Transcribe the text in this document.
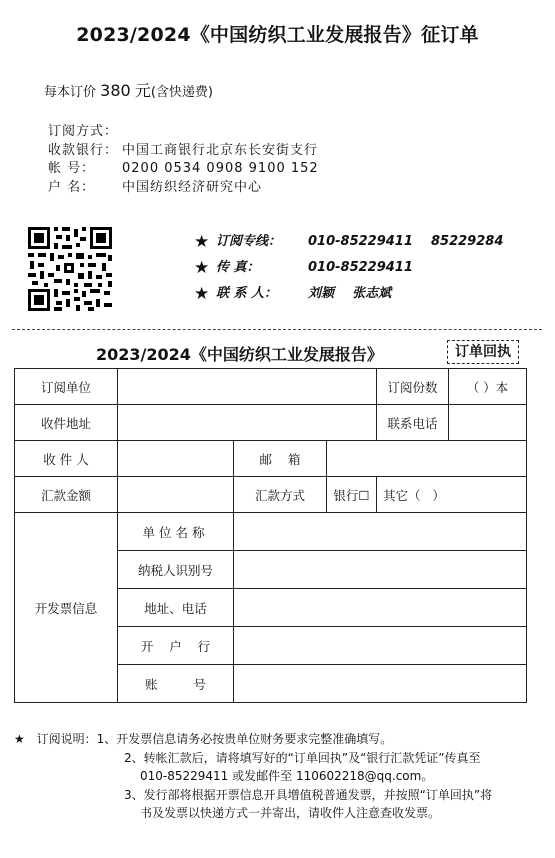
2023/2024《中国纺织工业发展报告》征订单
每本订价 380 元(含快递费)
订阅方式：
收款银行： 中国工商银行北京东长安街支行
帐 号：	0200 0534 0908 9100 152
户 名：	中国纺织经济研究中心
★ 订阅专线：	010-85229411    85229284
★ 传 真：	010-85229411
★ 联 系 人：	刘颖    张志斌
2023/2024《中国纺织工业发展报告》	订单回执
订阅单位				订阅份数	（ ）本
收件地址				联系电话	
收 件 人		邮    箱			
汇款金额		汇款方式	银行☐	其它（   ）	
开发票信息	单位名称				
	纳税人识别号				
	地址、电话				
	开    户    行				
	账         号				
★ 订阅说明：1、开发票信息请务必按贵单位财务要求完整准确填写。
2、转帐汇款后，请将填写好的“订单回执”及“银行汇款凭证”传真至
010-85229411 或发邮件至 110602218@qq.com。
3、发行部将根据开票信息开具增值税普通发票，并按照“订单回执”将
书及发票以快递方式一并寄出，请收件人注意查收发票。
